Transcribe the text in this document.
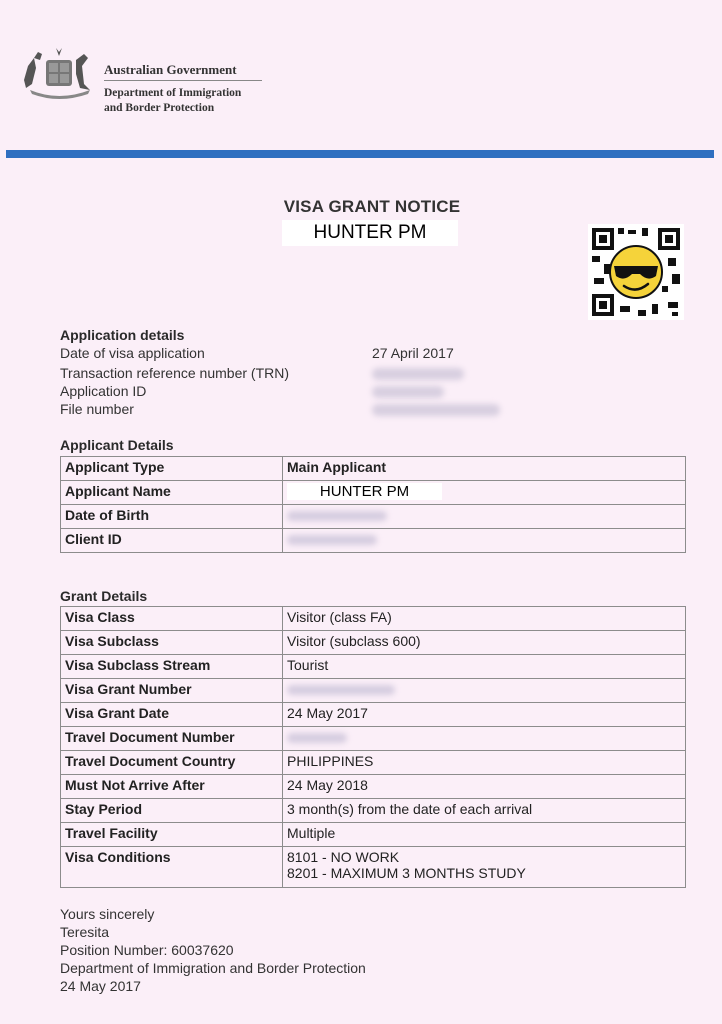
Australian Government
Department of Immigration
and Border Protection
VISA GRANT NOTICE
HUNTER PM
Application details
Date of visa application	27 April 2017
Transaction reference number (TRN)
Application ID
File number
Applicant Details
Applicant Type	Main Applicant
Applicant Name	HUNTER PM
Date of Birth	
Client ID	
Grant Details
Visa Class	Visitor (class FA)
Visa Subclass	Visitor (subclass 600)
Visa Subclass Stream	Tourist
Visa Grant Number	
Visa Grant Date	24 May 2017
Travel Document Number	
Travel Document Country	PHILIPPINES
Must Not Arrive After	24 May 2018
Stay Period	3 month(s) from the date of each arrival
Travel Facility	Multiple
Visa Conditions	8101 - NO WORK
8201 - MAXIMUM 3 MONTHS STUDY
Yours sincerely
Teresita
Position Number: 60037620
Department of Immigration and Border Protection
24 May 2017
